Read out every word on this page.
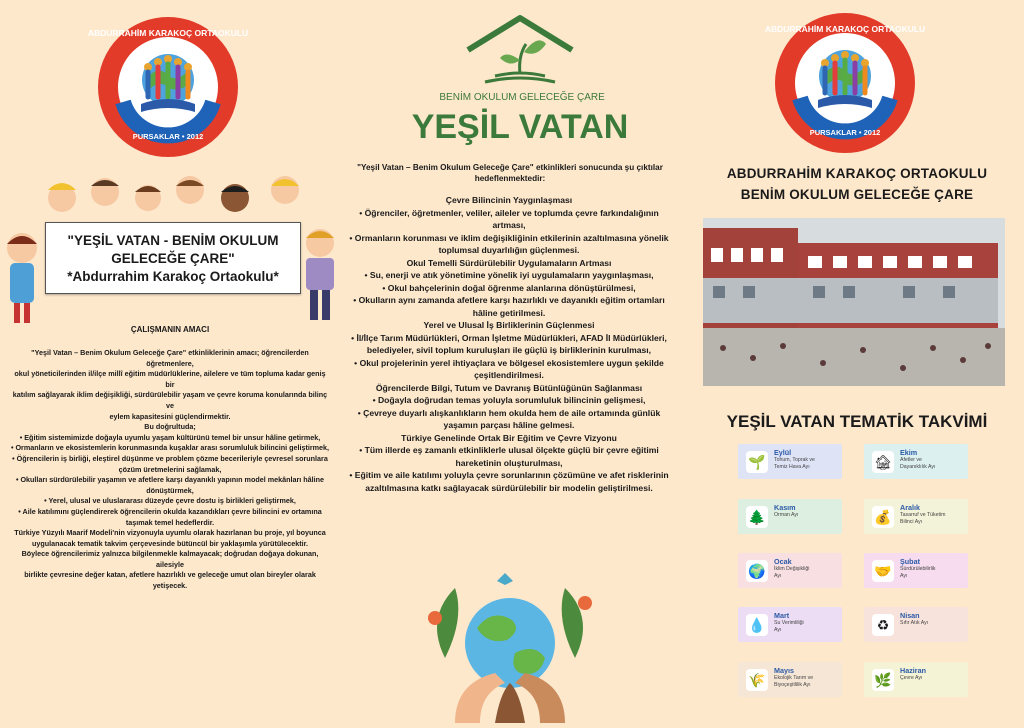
ABDURRAHİM KARAKOÇ ORTAOKULU
PURSAKLAR • 2012
"YEŞİL VATAN - BENİM OKULUM
GELECEĞE ÇARE"
*Abdurrahim Karakoç Ortaokulu*
ÇALIŞMANIN AMACI

"Yeşil Vatan – Benim Okulum Geleceğe Çare" etkinliklerinin amacı; öğrencilerden öğretmenlere,

okul yöneticilerinden il/ilçe millî eğitim müdürlüklerine, ailelere ve tüm topluma kadar geniş bir

katılım sağlayarak iklim değişikliği, sürdürülebilir yaşam ve çevre koruma konularında bilinç ve

eylem kapasitesini güçlendirmektir.

Bu doğrultuda;

• Eğitim sistemimizde doğayla uyumlu yaşam kültürünü temel bir unsur hâline getirmek,

• Ormanların ve ekosistemlerin korunmasında kuşaklar arası sorumluluk bilincini geliştirmek,

• Öğrencilerin iş birliği, eleştirel düşünme ve problem çözme becerileriyle çevresel sorunlara çözüm üretmelerini sağlamak,

• Okulları sürdürülebilir yaşamın ve afetlere karşı dayanıklı yapının model mekânları hâline dönüştürmek,

• Yerel, ulusal ve uluslararası düzeyde çevre dostu iş birlikleri geliştirmek,

• Aile katılımını güçlendirerek öğrencilerin okulda kazandıkları çevre bilincini ev ortamına taşımak temel hedeflerdir.

Türkiye Yüzyılı Maarif Modeli'nin vizyonuyla uyumlu olarak hazırlanan bu proje, yıl boyunca

uygulanacak tematik takvim çerçevesinde bütüncül bir yaklaşımla yürütülecektir.

Böylece öğrencilerimiz yalnızca bilgilenmekle kalmayacak; doğrudan doğaya dokunan, ailesiyle

birlikte çevresine değer katan, afetlere hazırlıklı ve geleceğe umut olan bireyler olarak yetişecek.

BENİM OKULUM GELECEĞE ÇARE
YEŞİL VATAN
"Yeşil Vatan – Benim Okulum Geleceğe Çare" etkinlikleri sonucunda şu çıktılar hedeflenmektedir:

Çevre Bilincinin Yaygınlaşması

• Öğrenciler, öğretmenler, veliler, aileler ve toplumda çevre farkındalığının artması,

• Ormanların korunması ve iklim değişikliğinin etkilerinin azaltılmasına yönelik toplumsal duyarlılığın güçlenmesi.

Okul Temelli Sürdürülebilir Uygulamaların Artması

• Su, enerji ve atık yönetimine yönelik iyi uygulamaların yaygınlaşması,

• Okul bahçelerinin doğal öğrenme alanlarına dönüştürülmesi,

• Okulların aynı zamanda afetlere karşı hazırlıklı ve dayanıklı eğitim ortamları hâline getirilmesi.

Yerel ve Ulusal İş Birliklerinin Güçlenmesi

• İl/İlçe Tarım Müdürlükleri, Orman İşletme Müdürlükleri, AFAD İl Müdürlükleri, belediyeler, sivil toplum kuruluşları ile güçlü iş birliklerinin kurulması,

• Okul projelerinin yerel ihtiyaçlara ve bölgesel ekosistemlere uygun şekilde çeşitlendirilmesi.

Öğrencilerde Bilgi, Tutum ve Davranış Bütünlüğünün Sağlanması

• Doğayla doğrudan temas yoluyla sorumluluk bilincinin gelişmesi,

• Çevreye duyarlı alışkanlıkların hem okulda hem de aile ortamında günlük yaşamın parçası hâline gelmesi.

Türkiye Genelinde Ortak Bir Eğitim ve Çevre Vizyonu

• Tüm illerde eş zamanlı etkinliklerle ulusal ölçekte güçlü bir çevre eğitimi hareketinin oluşturulması,

• Eğitim ve aile katılımı yoluyla çevre sorunlarının çözümüne ve afet risklerinin azaltılmasına katkı sağlayacak sürdürülebilir bir modelin geliştirilmesi.

ABDURRAHİM KARAKOÇ ORTAOKULU
PURSAKLAR • 2012
ABDURRAHİM KARAKOÇ ORTAOKULU
BENİM OKULUM GELECEĞE ÇARE
YEŞİL VATAN TEMATİK TAKVİMİ
🌱
Eylül
Tohum, Toprak ve
Temiz Hava Ayı	🏚
Ekim
Afetler ve
Dayanıklılık Ayı
🌲
Kasım
Orman Ayı	💰
Aralık
Tasarruf ve Tüketim
Bilinci Ayı
🌍
Ocak
İklim Değişikliği
Ayı	🤝
Şubat
Sürdürülebilirlik
Ayı
💧
Mart
Su Verimliliği
Ayı	♻
Nisan
Sıfır Atık Ayı
🌾
Mayıs
Ekolojik Tarım ve
Biyoçeşitlilik Ayı	🌿
Haziran
Çevre Ayı
